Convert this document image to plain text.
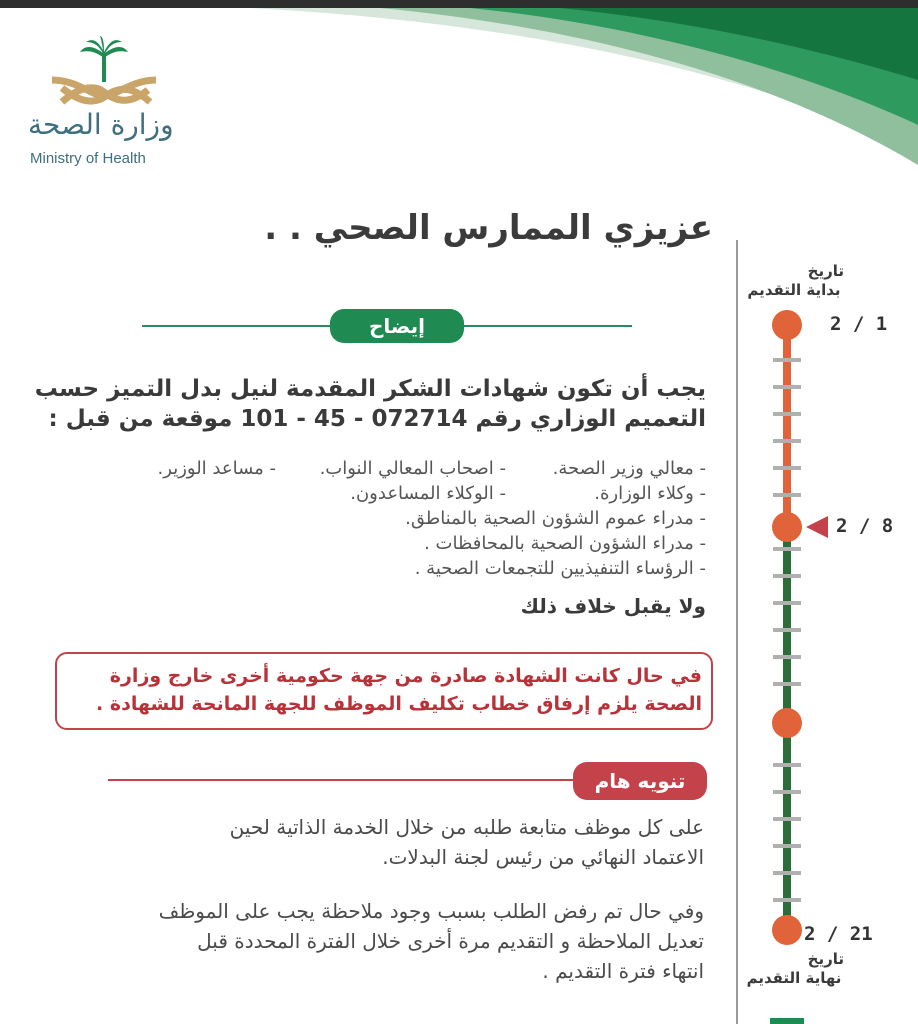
وزارة الصحة
Ministry of Health
عزيزي الممارس الصحي . .
إيضاح
يجب أن تكون شهادات الشكر المقدمة لنيل بدل التميز حسب
التعميم الوزاري رقم 072714 - 45 - 101 موقعة من قبل :
- معالي وزير الصحة.
- اصحاب المعالي النواب.
- مساعد الوزير.
- وكلاء الوزارة.
- الوكلاء المساعدون.
- مدراء عموم الشؤون الصحية بالمناطق.
- مدراء الشؤون الصحية بالمحافظات .
- الرؤساء التنفيذيين للتجمعات الصحية .
ولا يقبل خلاف ذلك
في حال كانت الشهادة صادرة من جهة حكومية أخرى خارج وزارة
الصحة يلزم إرفاق خطاب تكليف الموظف للجهة المانحة للشهادة .
تنويه هام
على كل موظف متابعة طلبه من خلال الخدمة الذاتية لحين
الاعتماد النهائي من رئيس لجنة البدلات.
وفي حال تم رفض الطلب بسبب وجود ملاحظة يجب على الموظف
تعديل الملاحظة و التقديم مرة أخرى خلال الفترة المحددة قبل
انتهاء فترة التقديم .
تاريخ
بداية التقديم
2 / 1
2 / 8
2 / 21
تاريخ
نهاية التقديم
